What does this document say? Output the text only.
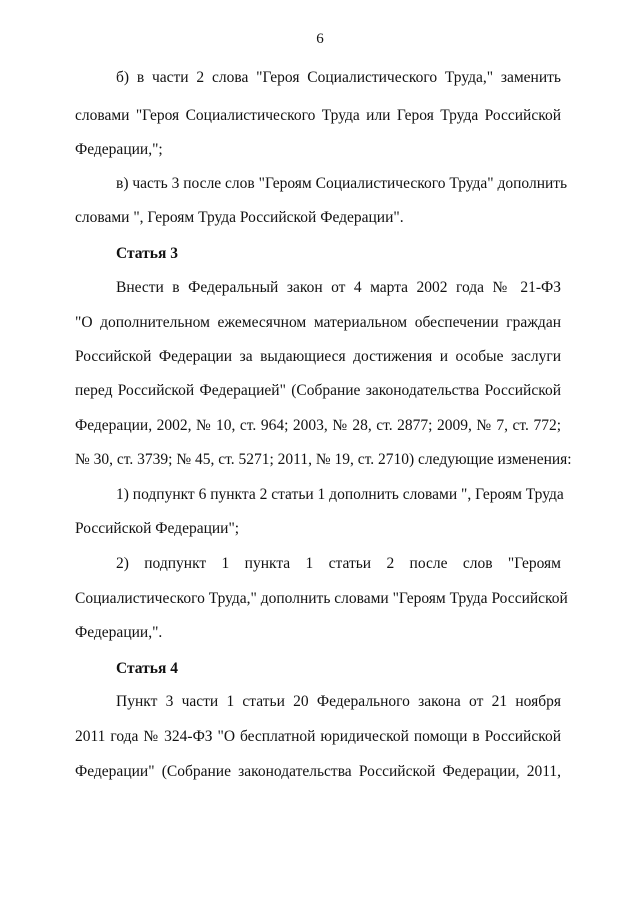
6
б) в части 2 слова "Героя Социалистического Труда," заменить
словами "Героя Социалистического Труда или Героя Труда Российской
Федерации,";
в) часть 3 после слов "Героям Социалистического Труда" дополнить
словами ", Героям Труда Российской Федерации".
Статья 3
Внести в Федеральный закон от 4 марта 2002 года № 21-ФЗ
"О дополнительном ежемесячном материальном обеспечении граждан
Российской Федерации за выдающиеся достижения и особые заслуги
перед Российской Федерацией" (Собрание законодательства Российской
Федерации, 2002, № 10, ст. 964; 2003, № 28, ст. 2877; 2009, № 7, ст. 772;
№ 30, ст. 3739; № 45, ст. 5271; 2011, № 19, ст. 2710) следующие изменения:
1) подпункт 6 пункта 2 статьи 1 дополнить словами ", Героям Труда
Российской Федерации";
2) подпункт 1 пункта 1 статьи 2 после слов "Героям
Социалистического Труда," дополнить словами "Героям Труда Российской
Федерации,".
Статья 4
Пункт 3 части 1 статьи 20 Федерального закона от 21 ноября
2011 года № 324-ФЗ "О бесплатной юридической помощи в Российской
Федерации" (Собрание законодательства Российской Федерации, 2011,
